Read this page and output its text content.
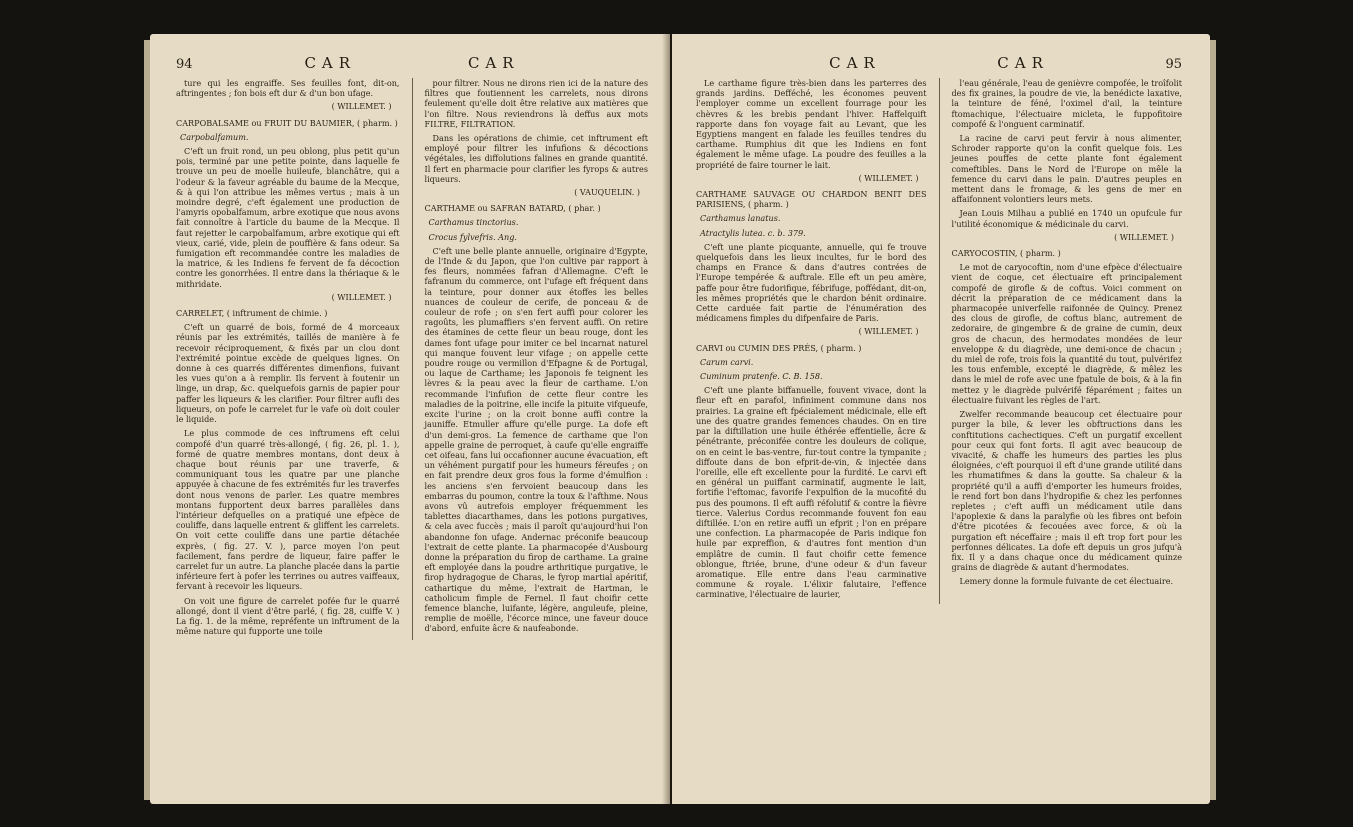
94	CAR	CAR

ture qui les engraiffe. Ses feuilles font, dit-on, aftringentes ; fon bois eft dur & d'un bon ufage.

( WILLEMET. )

CARPOBALSAME ou FRUIT DU BAUMIER, ( pharm. )

Carpobalfamum.

C'eft un fruit rond, un peu oblong, plus petit qu'un pois, terminé par une petite pointe, dans laquelle fe trouve un peu de moelle huileufe, blanchâtre, qui a l'odeur & la faveur agréable du baume de la Mecque, & à qui l'on attribue les mêmes vertus ; mais à un moindre degré, c'eft également une production de l'amyris opobalfamum, arbre exotique que nous avons fait connoître à l'article du baume de la Mecque. Il faut rejetter le carpobalfamum, arbre exotique qui eft vieux, carié, vide, plein de pouffière & fans odeur. Sa fumigation eft recommandée contre les maladies de la matrice, & les Indiens fe fervent de fa décoction contre les gonorrhées. Il entre dans la thériaque & le mithridate.

( WILLEMET. )

CARRELET, ( inftrument de chimie. )

C'eft un quarré de bois, formé de 4 morceaux réunis par les extrémités, taillés de manière à fe recevoir réciproquement, & fixés par un clou dont l'extrémité pointue excède de quelques lignes. On donne à ces quarrés différentes dimenfions, fuivant les vues qu'on a à remplir. Ils fervent à foutenir un linge, un drap, &c. quelquefois garnis de papier pour paffer les liqueurs & les clarifier. Pour filtrer aufli des liqueurs, on pofe le carrelet fur le vafe où doit couler le liquide.

Le plus commode de ces inftrumens eft celui compofé d'un quarré très-allongé, ( fig. 26, pl. 1. ), formé de quatre membres montans, dont deux à chaque bout réunis par une traverfe, & communiquant tous les quatre par une planche appuyée à chacune de fes extrémités fur les traverfes dont nous venons de parler. Les quatre membres montans fupportent deux barres parallèles dans l'intérieur defquelles on a pratiqué une efpèce de couliffe, dans laquelle entrent & gliffent les carrelets. On voit cette couliffe dans une partie détachée exprès, ( fig. 27. V. ), parce moyen l'on peut facilement, fans perdre de liqueur, faire paffer le carrelet fur un autre. La planche placée dans la partie inférieure fert à pofer les terrines ou autres vaiffeaux, fervant à recevoir les liqueurs.

On voit une figure de carrelet pofée fur le quarré allongé, dont il vient d'être parlé, ( fig. 28, cuiffe V. ) La fig. 1. de la même, repréfente un inftrument de la même nature qui fupporte une toile

pour filtrer. Nous ne dirons rien ici de la nature des filtres que foutiennent les carrelets, nous dirons feulement qu'elle doit être relative aux matières que l'on filtre. Nous reviendrons là deffus aux mots FILTRE, FILTRATION.

Dans les opérations de chimie, cet inftrument eft employé pour filtrer les infufions & décoctions végétales, les diffolutions falines en grande quantité. Il fert en pharmacie pour clarifier les fyrops & autres liqueurs.

( VAUQUELIN. )

CARTHAME ou SAFRAN BATARD, ( phar. )

Carthamus tinctorius.

Crocus fylvefris. Ang.

C'eft une belle plante annuelle, originaire d'Egypte, de l'Inde & du Japon, que l'on cultive par rapport à fes fleurs, nommées fafran d'Allemagne. C'eft le fafranum du commerce, ont l'ufage eft fréquent dans la teinture, pour donner aux étoffes les belles nuances de couleur de cerife, de ponceau & de couleur de rofe ; on s'en fert auffi pour colorer les ragoûts, les plumaffiers s'en fervent auffi. On retire des étamines de cette fleur un beau rouge, dont les dames font ufage pour imiter ce bel incarnat naturel qui manque fouvent leur vifage ; on appelle cette poudre rouge ou vermillon d'Efpagne & de Portugal, ou laque de Carthame; les Japonois fe teignent les lèvres & la peau avec la fleur de carthame. L'on recommande l'infufion de cette fleur contre les maladies de la poitrine, elle incife la pituite vifqueufe, excite l'urine ; on la croit bonne auffi contre la jauniffe. Etmuller affure qu'elle purge. La dofe eft d'un demi-gros. La femence de carthame que l'on appelle graine de perroquet, à caufe qu'elle engraiffe cet oifeau, fans lui occafionner aucune évacuation, eft un véhément purgatif pour les humeurs féreufes ; on en fait prendre deux gros fous la forme d'émulfion : les anciens s'en fervoient beaucoup dans les embarras du poumon, contre la toux & l'afthme. Nous avons vû autrefois employer fréquemment les tablettes diacarthames, dans les potions purgatives, & cela avec fuccès ; mais il paroît qu'aujourd'hui l'on abandonne fon ufage. Andernac préconife beaucoup l'extrait de cette plante. La pharmacopée d'Ausbourg donne la préparation du firop de carthame. La graine eft employée dans la poudre arthritique purgative, le firop hydragogue de Charas, le fyrop martial apéritif, cathartique du même, l'extrait de Hartman, le catholicum fimple de Fernel. Il faut choifir cette femence blanche, luifante, légère, anguleufe, pleine, remplie de moëlle, l'écorce mince, une faveur douce d'abord, enfuite âcre & naufeabonde.

CAR	CAR	95

Le carthame figure très-bien dans les parterres des grands jardins. Defféché, les économes peuvent l'employer comme un excellent fourrage pour les chèvres & les brebis pendant l'hiver. Haffelquift rapporte dans fon voyage fait au Levant, que les Egyptiens mangent en falade les feuilles tendres du carthame. Rumphius dit que les Indiens en font également le même ufage. La poudre des feuilles a la propriété de faire tourner le lait.

( WILLEMET. )

CARTHAME SAUVAGE OU CHARDON BENIT DES PARISIENS, ( pharm. )

Carthamus lanatus.

Atractylis lutea. c. b. 379.

C'eft une plante picquante, annuelle, qui fe trouve quelquefois dans les lieux incultes, fur le bord des champs en France & dans d'autres contrées de l'Europe tempérée & auftrale. Elle eft un peu amère, paffe pour être fudorifique, fébrifuge, poffédant, dit-on, les mêmes propriétés que le chardon bénit ordinaire. Cette carduée fait partie de l'énumération des médicamens fimples du difpenfaire de Paris.

( WILLEMET. )

CARVI ou CUMIN DES PRÉS, ( pharm. )

Carum carvi.

Cuminum pratenfe. C. B. 158.

C'eft une plante biffanuelle, fouvent vivace, dont la fleur eft en parafol, infiniment commune dans nos prairies. La graine eft fpécialement médicinale, elle eft une des quatre grandes femences chaudes. On en tire par la diftillation une huile éthérée effentielle, âcre & pénétrante, préconifée contre les douleurs de colique, on en ceint le bas-ventre, fur-tout contre la tympanite ; diffoute dans de bon efprit-de-vin, & injectée dans l'oreille, elle eft excellente pour la furdité. Le carvi eft en général un puiffant carminatif, augmente le lait, fortifie l'eftomac, favorife l'expulfion de la mucofité du pus des poumons. Il eft auffi réfolutif & contre la fièvre tierce. Valerius Cordus recommande fouvent fon eau diftillée. L'on en retire auffi un efprit ; l'on en prépare une confection. La pharmacopée de Paris indique fon huile par expreffion, & d'autres font mention d'un emplâtre de cumin. Il faut choifir cette femence oblongue, ftriée, brune, d'une odeur & d'un faveur aromatique. Elle entre dans l'eau carminative commune & royale. L'élixir falutaire, l'effence carminative, l'électuaire de laurier,

l'eau générale, l'eau de genièvre compofée, le troîfolit des fix graines, la poudre de vie, la benédicte laxative, la teinture de féné, l'oximel d'ail, la teinture ftomachique, l'électuaire micleta, le fuppofitoire compofé & l'onguent carminatif.

La racine de carvi peut fervir à nous alimenter, Schroder rapporte qu'on la confit quelque fois. Les jeunes pouffes de cette plante font également comeftibles. Dans le Nord de l'Europe on mêle la femence du carvi dans le pain. D'autres peuples en mettent dans le fromage, & les gens de mer en affaifonnent volontiers leurs mets.

Jean Louis Milhau a publié en 1740 un opufcule fur l'utilité économique & médicinale du carvi.

( WILLEMET. )

CARYOCOSTIN, ( pharm. )

Le mot de caryocoftin, nom d'une efpèce d'électuaire vient de coque, cet électuaire eft principalement compofé de girofle & de coftus. Voici comment on décrit la préparation de ce médicament dans la pharmacopée univerfelle raifonnée de Quincy. Prenez des clous de girofle, de coftus blanc, autrement de zedoraire, de gingembre & de graine de cumin, deux gros de chacun, des hermodates mondées de leur enveloppe & du diagrède, une demi-once de chacun ; du miel de rofe, trois fois la quantité du tout, pulvérifez les tous enfemble, excepté le diagrède, & mêlez les dans le miel de rofe avec une fpatule de bois, & à la fin mettez y le diagrède pulvérifé féparément ; faites un électuaire fuivant les règles de l'art.

Zwelfer recommande beaucoup cet électuaire pour purger la bile, & lever les obftructions dans les conftitutions cachectiques. C'eft un purgatif excellent pour ceux qui font forts. Il agit avec beaucoup de vivacité, & chaffe les humeurs des parties les plus éloignées, c'eft pourquoi il eft d'une grande utilité dans les rhumatifmes & dans la goutte. Sa chaleur & la propriété qu'il a auffi d'emporter les humeurs froides, le rend fort bon dans l'hydropifie & chez les perfonnes repletes ; c'eft auffi un médicament utile dans l'apoplexie & dans la paralyfie où les fibres ont befoin d'être picotées & fecouées avec force, & où la purgation eft néceffaire ; mais il eft trop fort pour les perfonnes délicates. La dofe eft depuis un gros jufqu'à fix. Il y a dans chaque once du médicament quinze grains de diagrède & autant d'hermodates.

Lemery donne la formule fuivante de cet électuaire.
